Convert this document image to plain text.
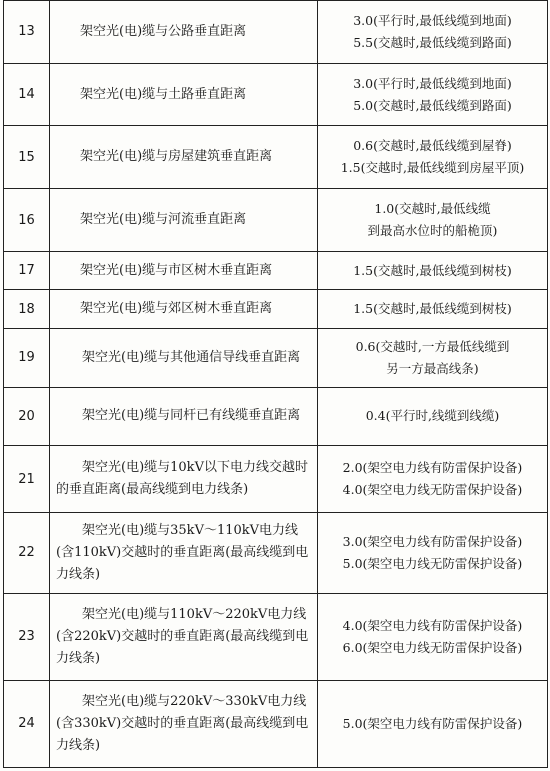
13	架空光(电)缆与公路垂直距离	3.0(平行时,最低线缆到地面)
5.5(交越时,最低线缆到路面)

14	架空光(电)缆与土路垂直距离	3.0(平行时,最低线缆到地面)
5.0(交越时,最低线缆到路面)

15	架空光(电)缆与房屋建筑垂直距离	0.6(交越时,最低线缆到屋脊)
1.5(交越时,最低线缆到房屋平顶)

16	架空光(电)缆与河流垂直距离	1.0(交越时,最低线缆
到最高水位时的船桅顶)

17	架空光(电)缆与市区树木垂直距离	1.5(交越时,最低线缆到树枝)

18	架空光(电)缆与郊区树木垂直距离	1.5(交越时,最低线缆到树枝)

19	架空光(电)缆与其他通信导线垂直距离	0.6(交越时,一方最低线缆到
另一方最高线条)

20	架空光(电)缆与同杆已有线缆垂直距离	0.4(平行时,线缆到线缆)

21	架空光(电)缆与10kV以下电力线交越时的垂直距离(最高线缆到电力线条)	2.0(架空电力线有防雷保护设备)
4.0(架空电力线无防雷保护设备)

22	架空光(电)缆与35kV～110kV电力线(含110kV)交越时的垂直距离(最高线缆到电力线条)	3.0(架空电力线有防雷保护设备)
5.0(架空电力线无防雷保护设备)

23	架空光(电)缆与110kV～220kV电力线(含220kV)交越时的垂直距离(最高线缆到电力线条)	4.0(架空电力线有防雷保护设备)
6.0(架空电力线无防雷保护设备)

24	架空光(电)缆与220kV～330kV电力线(含330kV)交越时的垂直距离(最高线缆到电力线条)	5.0(架空电力线有防雷保护设备)
